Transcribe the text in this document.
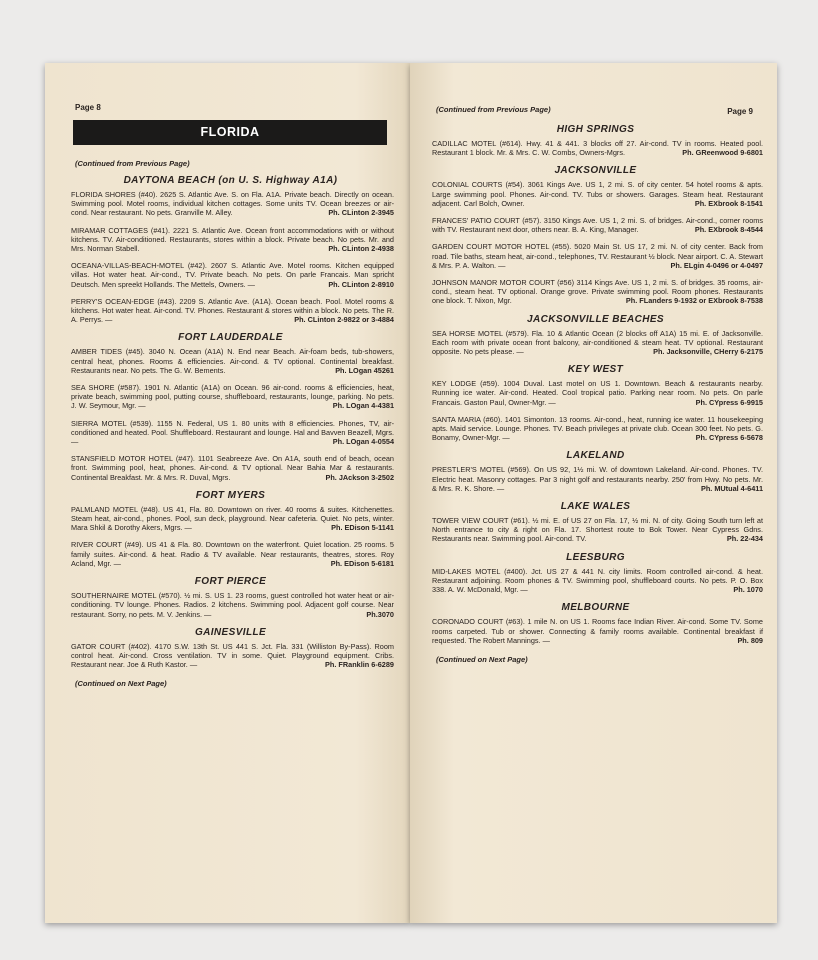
Page 8
FLORIDA
(Continued from Previous Page)
DAYTONA BEACH (on U. S. Highway A1A)
FLORIDA SHORES (#40). 2625 S. Atlantic Ave. S. on Fla. A1A. Private beach. Directly on ocean. Swimming pool. Motel rooms, individual kitchen cottages. Some units TV. Ocean breezes or air-cond. Near restaurant. No pets. Granville M. Alley.	Ph. CLinton 2-3945
MIRAMAR COTTAGES (#41). 2221 S. Atlantic Ave. Ocean front accommodations with or without kitchens. TV. Air-conditioned. Restaurants, stores within a block. Private beach. No pets. Mr. and Mrs. Norman Stabell.	Ph. CLinton 2-4938
OCEANA-VILLAS-BEACH-MOTEL (#42). 2607 S. Atlantic Ave. Motel rooms. Kitchen equipped villas. Hot water heat. Air-cond., TV. Private beach. No pets. On parle Francais. Man spricht Deutsch. Men spreekt Hollands. The Mettels, Owners. —	Ph. CLinton 2-8910
PERRY'S OCEAN-EDGE (#43). 2209 S. Atlantic Ave. (A1A). Ocean beach. Pool. Motel rooms & kitchens. Hot water heat. Air-cond. TV. Phones. Restaurant & stores within a block. No pets. The R. A. Perrys. —	Ph. CLinton 2-9822 or 3-4884
FORT LAUDERDALE
AMBER TIDES (#45). 3040 N. Ocean (A1A) N. End near Beach. Air-foam beds, tub-showers, central heat, phones. Rooms & efficiencies. Air-cond. & TV optional. Continental breakfast. Restaurants near. No pets. The G. W. Bements.	Ph. LOgan 45261
SEA SHORE (#587). 1901 N. Atlantic (A1A) on Ocean. 96 air-cond. rooms & efficiencies, heat, private beach, swimming pool, putting course, shuffleboard, restaurants, lounge, parking. No pets. J. W. Seymour, Mgr. —	Ph. LOgan 4-4381
SIERRA MOTEL (#539). 1155 N. Federal, US 1. 80 units with 8 efficiencies. Phones, TV, air-conditioned and heated. Pool. Shuffleboard. Restaurant and lounge. Hal and Bavven Beazell, Mgrs. —	Ph. LOgan 4-0554
STANSFIELD MOTOR HOTEL (#47). 1101 Seabreeze Ave. On A1A, south end of beach, ocean front. Swimming pool, heat, phones. Air-cond. & TV optional. Near Bahia Mar & restaurants. Continental Breakfast. Mr. & Mrs. R. Duval, Mgrs.	Ph. JAckson 3-2502
FORT MYERS
PALMLAND MOTEL (#48). US 41, Fla. 80. Downtown on river. 40 rooms & suites. Kitchenettes. Steam heat, air-cond., phones. Pool, sun deck, playground. Near cafeteria. Quiet. No pets, winter. Mara Shkil & Dorothy Akers, Mgrs. —	Ph. EDison 5-1141
RIVER COURT (#49). US 41 & Fla. 80. Downtown on the waterfront. Quiet location. 25 rooms. 5 family suites. Air-cond. & heat. Radio & TV available. Near restaurants, theatres, stores. Roy Acland, Mgr. —	Ph. EDison 5-6181
FORT PIERCE
SOUTHERNAIRE MOTEL (#570). ½ mi. S. US 1. 23 rooms, guest controlled hot water heat or air-conditioning. TV lounge. Phones. Radios. 2 kitchens. Swimming pool. Adjacent golf course. Near restaurant. Sorry, no pets. M. V. Jenkins. —	Ph.3070
GAINESVILLE
GATOR COURT (#402). 4170 S.W. 13th St. US 441 S. Jct. Fla. 331 (Williston By-Pass). Room control heat. Air-cond. Cross ventilation. TV in some. Quiet. Playground equipment. Cribs. Restaurant near. Joe & Ruth Kastor. —	Ph. FRanklin 6-6289
(Continued on Next Page)
Page 9
(Continued from Previous Page)
HIGH SPRINGS
CADILLAC MOTEL (#614). Hwy. 41 & 441. 3 blocks off 27. Air-cond. TV in rooms. Heated pool. Restaurant 1 block. Mr. & Mrs. C. W. Combs, Owners-Mgrs.	Ph. GReenwood 9-6801
JACKSONVILLE
COLONIAL COURTS (#54). 3061 Kings Ave. US 1, 2 mi. S. of city center. 54 hotel rooms & apts. Large swimming pool. Phones. Air-cond. TV. Tubs or showers. Garages. Steam heat. Restaurant adjacent. Carl Bolch, Owner.	Ph. EXbrook 8-1541
FRANCES' PATIO COURT (#57). 3150 Kings Ave. US 1, 2 mi. S. of bridges. Air-cond., corner rooms with TV. Restaurant next door, others near. B. A. King, Manager.	Ph. EXbrook 8-4544
GARDEN COURT MOTOR HOTEL (#55). 5020 Main St. US 17, 2 mi. N. of city center. Back from road. Tile baths, steam heat, air-cond., telephones, TV. Restaurant ½ block. Near airport. C. A. Stewart & Mrs. P. A. Walton. —	Ph. ELgin 4-0496 or 4-0497
JOHNSON MANOR MOTOR COURT (#56) 3114 Kings Ave. US 1, 2 mi. S. of bridges. 35 rooms, air-cond., steam heat. TV optional. Orange grove. Private swimming pool. Room phones. Restaurants one block. T. Nixon, Mgr.	Ph. FLanders 9-1932 or EXbrook 8-7538
JACKSONVILLE BEACHES
SEA HORSE MOTEL (#579). Fla. 10 & Atlantic Ocean (2 blocks off A1A) 15 mi. E. of Jacksonville. Each room with private ocean front balcony, air-conditioned & steam heat. TV optional. Restaurant opposite. No pets please. —	Ph. Jacksonville, CHerry 6-2175
KEY WEST
KEY LODGE (#59). 1004 Duval. Last motel on US 1. Downtown. Beach & restaurants nearby. Running ice water. Air-cond. Heated. Cool tropical patio. Parking near room. No pets. On parle Francais. Gaston Paul, Owner-Mgr. —	Ph. CYpress 6-9915
SANTA MARIA (#60). 1401 Simonton. 13 rooms. Air-cond., heat, running ice water. 11 housekeeping apts. Maid service. Lounge. Phones. TV. Beach privileges at private club. Ocean 300 feet. No pets. G. Bonamy, Owner-Mgr. —	Ph. CYpress 6-5678
LAKELAND
PRESTLER'S MOTEL (#569). On US 92, 1½ mi. W. of downtown Lakeland. Air-cond. Phones. TV. Electric heat. Masonry cottages. Par 3 night golf and restaurants nearby. 250' from Hwy. No pets. Mr. & Mrs. R. K. Shore. —	Ph. MUtual 4-6411
LAKE WALES
TOWER VIEW COURT (#61). ½ mi. E. of US 27 on Fla. 17, ½ mi. N. of city. Going South turn left at North entrance to city & right on Fla. 17. Shortest route to Bok Tower. Near Cypress Gdns. Restaurants near. Swimming pool. Air-cond. TV.	Ph. 22-434
LEESBURG
MID-LAKES MOTEL (#400). Jct. US 27 & 441 N. city limits. Room controlled air-cond. & heat. Restaurant adjoining. Room phones & TV. Swimming pool, shuffleboard courts. No pets. P. O. Box 338. A. W. McDonald, Mgr. —	Ph. 1070
MELBOURNE
CORONADO COURT (#63). 1 mile N. on US 1. Rooms face Indian River. Air-cond. Some TV. Some rooms carpeted. Tub or shower. Connecting & family rooms available. Continental breakfast if requested. The Robert Mannings. —	Ph. 809
(Continued on Next Page)
